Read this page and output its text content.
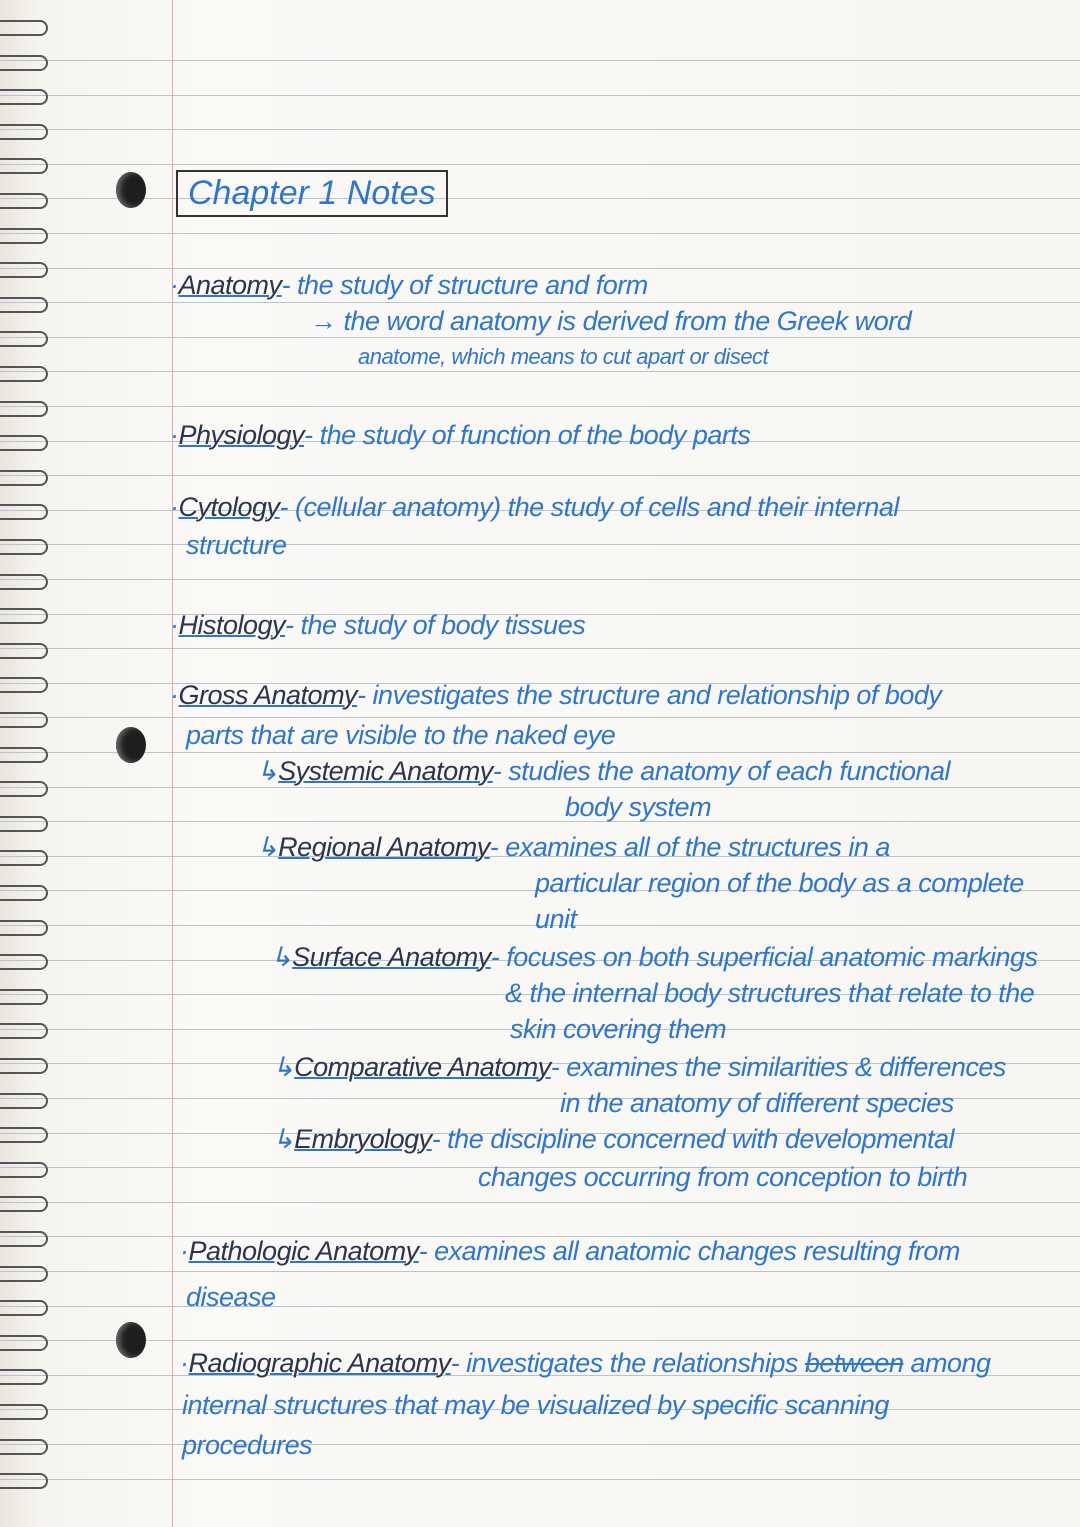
Chapter 1 Notes
·Anatomy- the study of structure and form
→ the word anatomy is derived from the Greek word
anatome, which means to cut apart or disect
·Physiology- the study of function of the body parts
·Cytology- (cellular anatomy) the study of cells and their internal
structure
·Histology- the study of body tissues
·Gross Anatomy- investigates the structure and relationship of body
parts that are visible to the naked eye
↳Systemic Anatomy- studies the anatomy of each functional
body system
↳Regional Anatomy- examines all of the structures in a
particular region of the body as a complete
unit
↳Surface Anatomy- focuses on both superficial anatomic markings
& the internal body structures that relate to the
skin covering them
↳Comparative Anatomy- examines the similarities & differences
in the anatomy of different species
↳Embryology- the discipline concerned with developmental
changes occurring from conception to birth
·Pathologic Anatomy- examines all anatomic changes resulting from
disease
·Radiographic Anatomy- investigates the relationships between among
internal structures that may be visualized by specific scanning
procedures
